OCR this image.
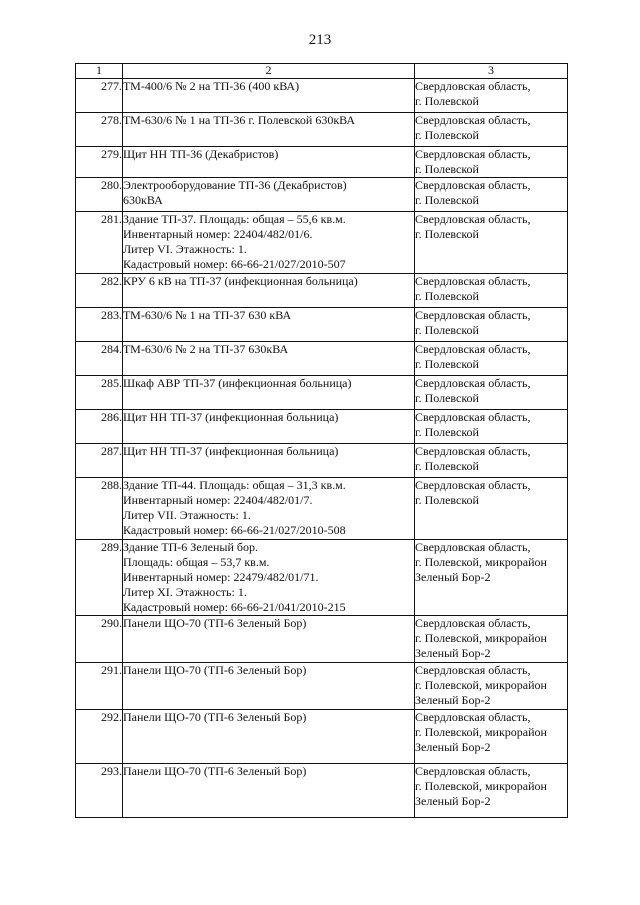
213
1	2	3
277.	ТМ-400/6 № 2 на ТП-36 (400 кВА)	Свердловская область,
г. Полевской

278.	ТМ-630/6 № 1 на ТП-36 г. Полевской 630кВА	Свердловская область,
г. Полевской

279.	Щит НН ТП-36 (Декабристов)	Свердловская область,
г. Полевской

280.	Электрооборудование ТП-36 (Декабристов)
630кВА	Свердловская область,
г. Полевской

281.	Здание ТП-37. Площадь: общая – 55,6 кв.м.
Инвентарный номер: 22404/482/01/6.
Литер VI. Этажность: 1.
Кадастровый номер: 66-66-21/027/2010-507	Свердловская область,
г. Полевской

282.	КРУ 6 кВ на ТП-37 (инфекционная больница)	Свердловская область,
г. Полевской

283.	ТМ-630/6 № 1 на ТП-37 630 кВА	Свердловская область,
г. Полевской

284.	ТМ-630/6 № 2 на ТП-37 630кВА	Свердловская область,
г. Полевской

285.	Шкаф АВР ТП-37 (инфекционная больница)	Свердловская область,
г. Полевской

286.	Щит НН ТП-37 (инфекционная больница)	Свердловская область,
г. Полевской

287.	Щит НН ТП-37 (инфекционная больница)	Свердловская область,
г. Полевской

288.	Здание ТП-44. Площадь: общая – 31,3 кв.м.
Инвентарный номер: 22404/482/01/7.
Литер VII. Этажность: 1.
Кадастровый номер: 66-66-21/027/2010-508	Свердловская область,
г. Полевской

289.	Здание ТП-6 Зеленый бор.
Площадь: общая – 53,7 кв.м.
Инвентарный номер: 22479/482/01/71.
Литер XI. Этажность: 1.
Кадастровый номер: 66-66-21/041/2010-215	Свердловская область,
г. Полевской, микрорайон
Зеленый Бор-2

290.	Панели ЩО-70 (ТП-6 Зеленый Бор)	Свердловская область,
г. Полевской, микрорайон
Зеленый Бор-2

291.	Панели ЩО-70 (ТП-6 Зеленый Бор)	Свердловская область,
г. Полевской, микрорайон
Зеленый Бор-2

292.	Панели ЩО-70 (ТП-6 Зеленый Бор)	Свердловская область,
г. Полевской, микрорайон
Зеленый Бор-2

293.	Панели ЩО-70 (ТП-6 Зеленый Бор)	Свердловская область,
г. Полевской, микрорайон
Зеленый Бор-2
